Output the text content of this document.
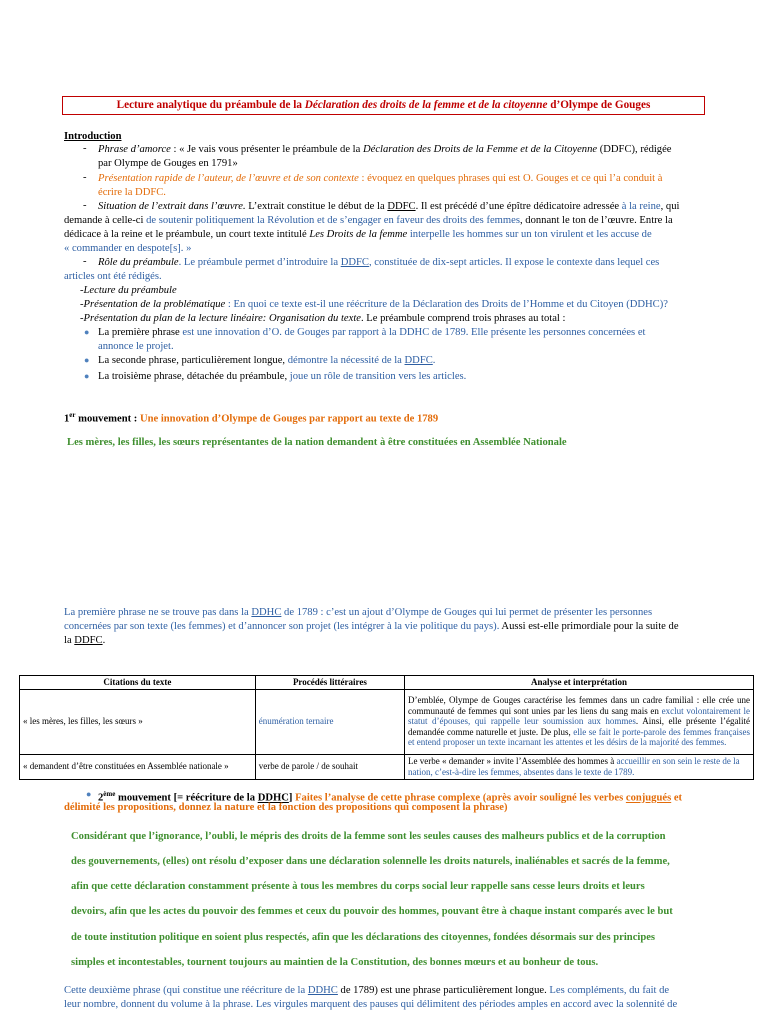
Lecture analytique du préambule de la Déclaration des droits de la femme et de la citoyenne d’Olympe de Gouges
Introduction
- Phrase d’amorce : « Je vais vous présenter le préambule de la Déclaration des Droits de la Femme et de la Citoyenne (DDFC), rédigée
par Olympe de Gouges en 1791»
- Présentation rapide de l’auteur, de l’œuvre et de son contexte : évoquez en quelques phrases qui est O. Gouges et ce qui l’a conduit à
écrire la DDFC.
- Situation de l’extrait dans l’œuvre. L’extrait constitue le début de la DDFC. Il est précédé d’une épître dédicatoire adressée à la reine, qui
demande à celle-ci de soutenir politiquement la Révolution et de s’engager en faveur des droits des femmes, donnant le ton de l’œuvre. Entre la
dédicace à la reine et le préambule, un court texte intitulé Les Droits de la femme interpelle les hommes sur un ton virulent et les accuse de
« commander en despote[s]. »
- Rôle du préambule. Le préambule permet d’introduire la DDFC, constituée de dix-sept articles. Il expose le contexte dans lequel ces
articles ont été rédigés.
-Lecture du préambule
-Présentation de la problématique : En quoi ce texte est-il une réécriture de la Déclaration des Droits de l’Homme et du Citoyen (DDHC)?
-Présentation du plan de la lecture linéaire: Organisation du texte. Le préambule comprend trois phrases au total :
● La première phrase est une innovation d’O. de Gouges par rapport à la DDHC de 1789. Elle présente les personnes concernées et
annonce le projet.
● La seconde phrase, particulièrement longue, démontre la nécessité de la DDFC.
● La troisième phrase, détachée du préambule, joue un rôle de transition vers les articles.
1er mouvement : Une innovation d’Olympe de Gouges par rapport au texte de 1789
Les mères, les filles, les sœurs représentantes de la nation demandent à être constituées en Assemblée Nationale
La première phrase ne se trouve pas dans la DDHC de 1789 : c’est un ajout d’Olympe de Gouges qui lui permet de présenter les personnes
concernées par son texte (les femmes) et d’annoncer son projet (les intégrer à la vie politique du pays). Aussi est-elle primordiale pour la suite de
la DDFC.
Citations du texte	Procédés littéraires	Analyse et interprétation
« les mères, les filles, les sœurs »	énumération ternaire	D’emblée, Olympe de Gouges caractérise les femmes dans un cadre familial : elle crée une communauté de femmes qui sont unies par les liens du sang mais en exclut volontairement le statut d’épouses, qui rappelle leur soumission aux hommes. Ainsi, elle présente l’égalité demandée comme naturelle et juste. De plus, elle se fait le porte-parole des femmes françaises et entend proposer un texte incarnant les attentes et les désirs de la majorité des femmes.
« demandent d’être constituées en Assemblée nationale »	verbe de parole / de souhait	Le verbe « demander » invite l’Assemblée des hommes à accueillir en son sein le reste de la nation, c’est-à-dire les femmes, absentes dans le texte de 1789.
● 2ème mouvement [= réécriture de la DDHC] Faites l’analyse de cette phrase complexe (après avoir souligné les verbes conjugués et
délimité les propositions, donnez la nature et la fonction des propositions qui composent la phrase)
Considérant que l’ignorance, l’oubli, le mépris des droits de la femme sont les seules causes des malheurs publics et de la corruption
des gouvernements, (elles) ont résolu d’exposer dans une déclaration solennelle les droits naturels, inaliénables et sacrés de la femme,
afin que cette déclaration constamment présente à tous les membres du corps social leur rappelle sans cesse leurs droits et leurs
devoirs, afin que les actes du pouvoir des femmes et ceux du pouvoir des hommes, pouvant être à chaque instant comparés avec le but
de toute institution politique en soient plus respectés, afin que les déclarations des citoyennes, fondées désormais sur des principes
simples et incontestables, tournent toujours au maintien de la Constitution, des bonnes mœurs et au bonheur de tous.
Cette deuxième phrase (qui constitue une réécriture de la DDHC de 1789) est une phrase particulièrement longue. Les compléments, du fait de
leur nombre, donnent du volume à la phrase. Les virgules marquent des pauses qui délimitent des périodes amples en accord avec la solennité de
